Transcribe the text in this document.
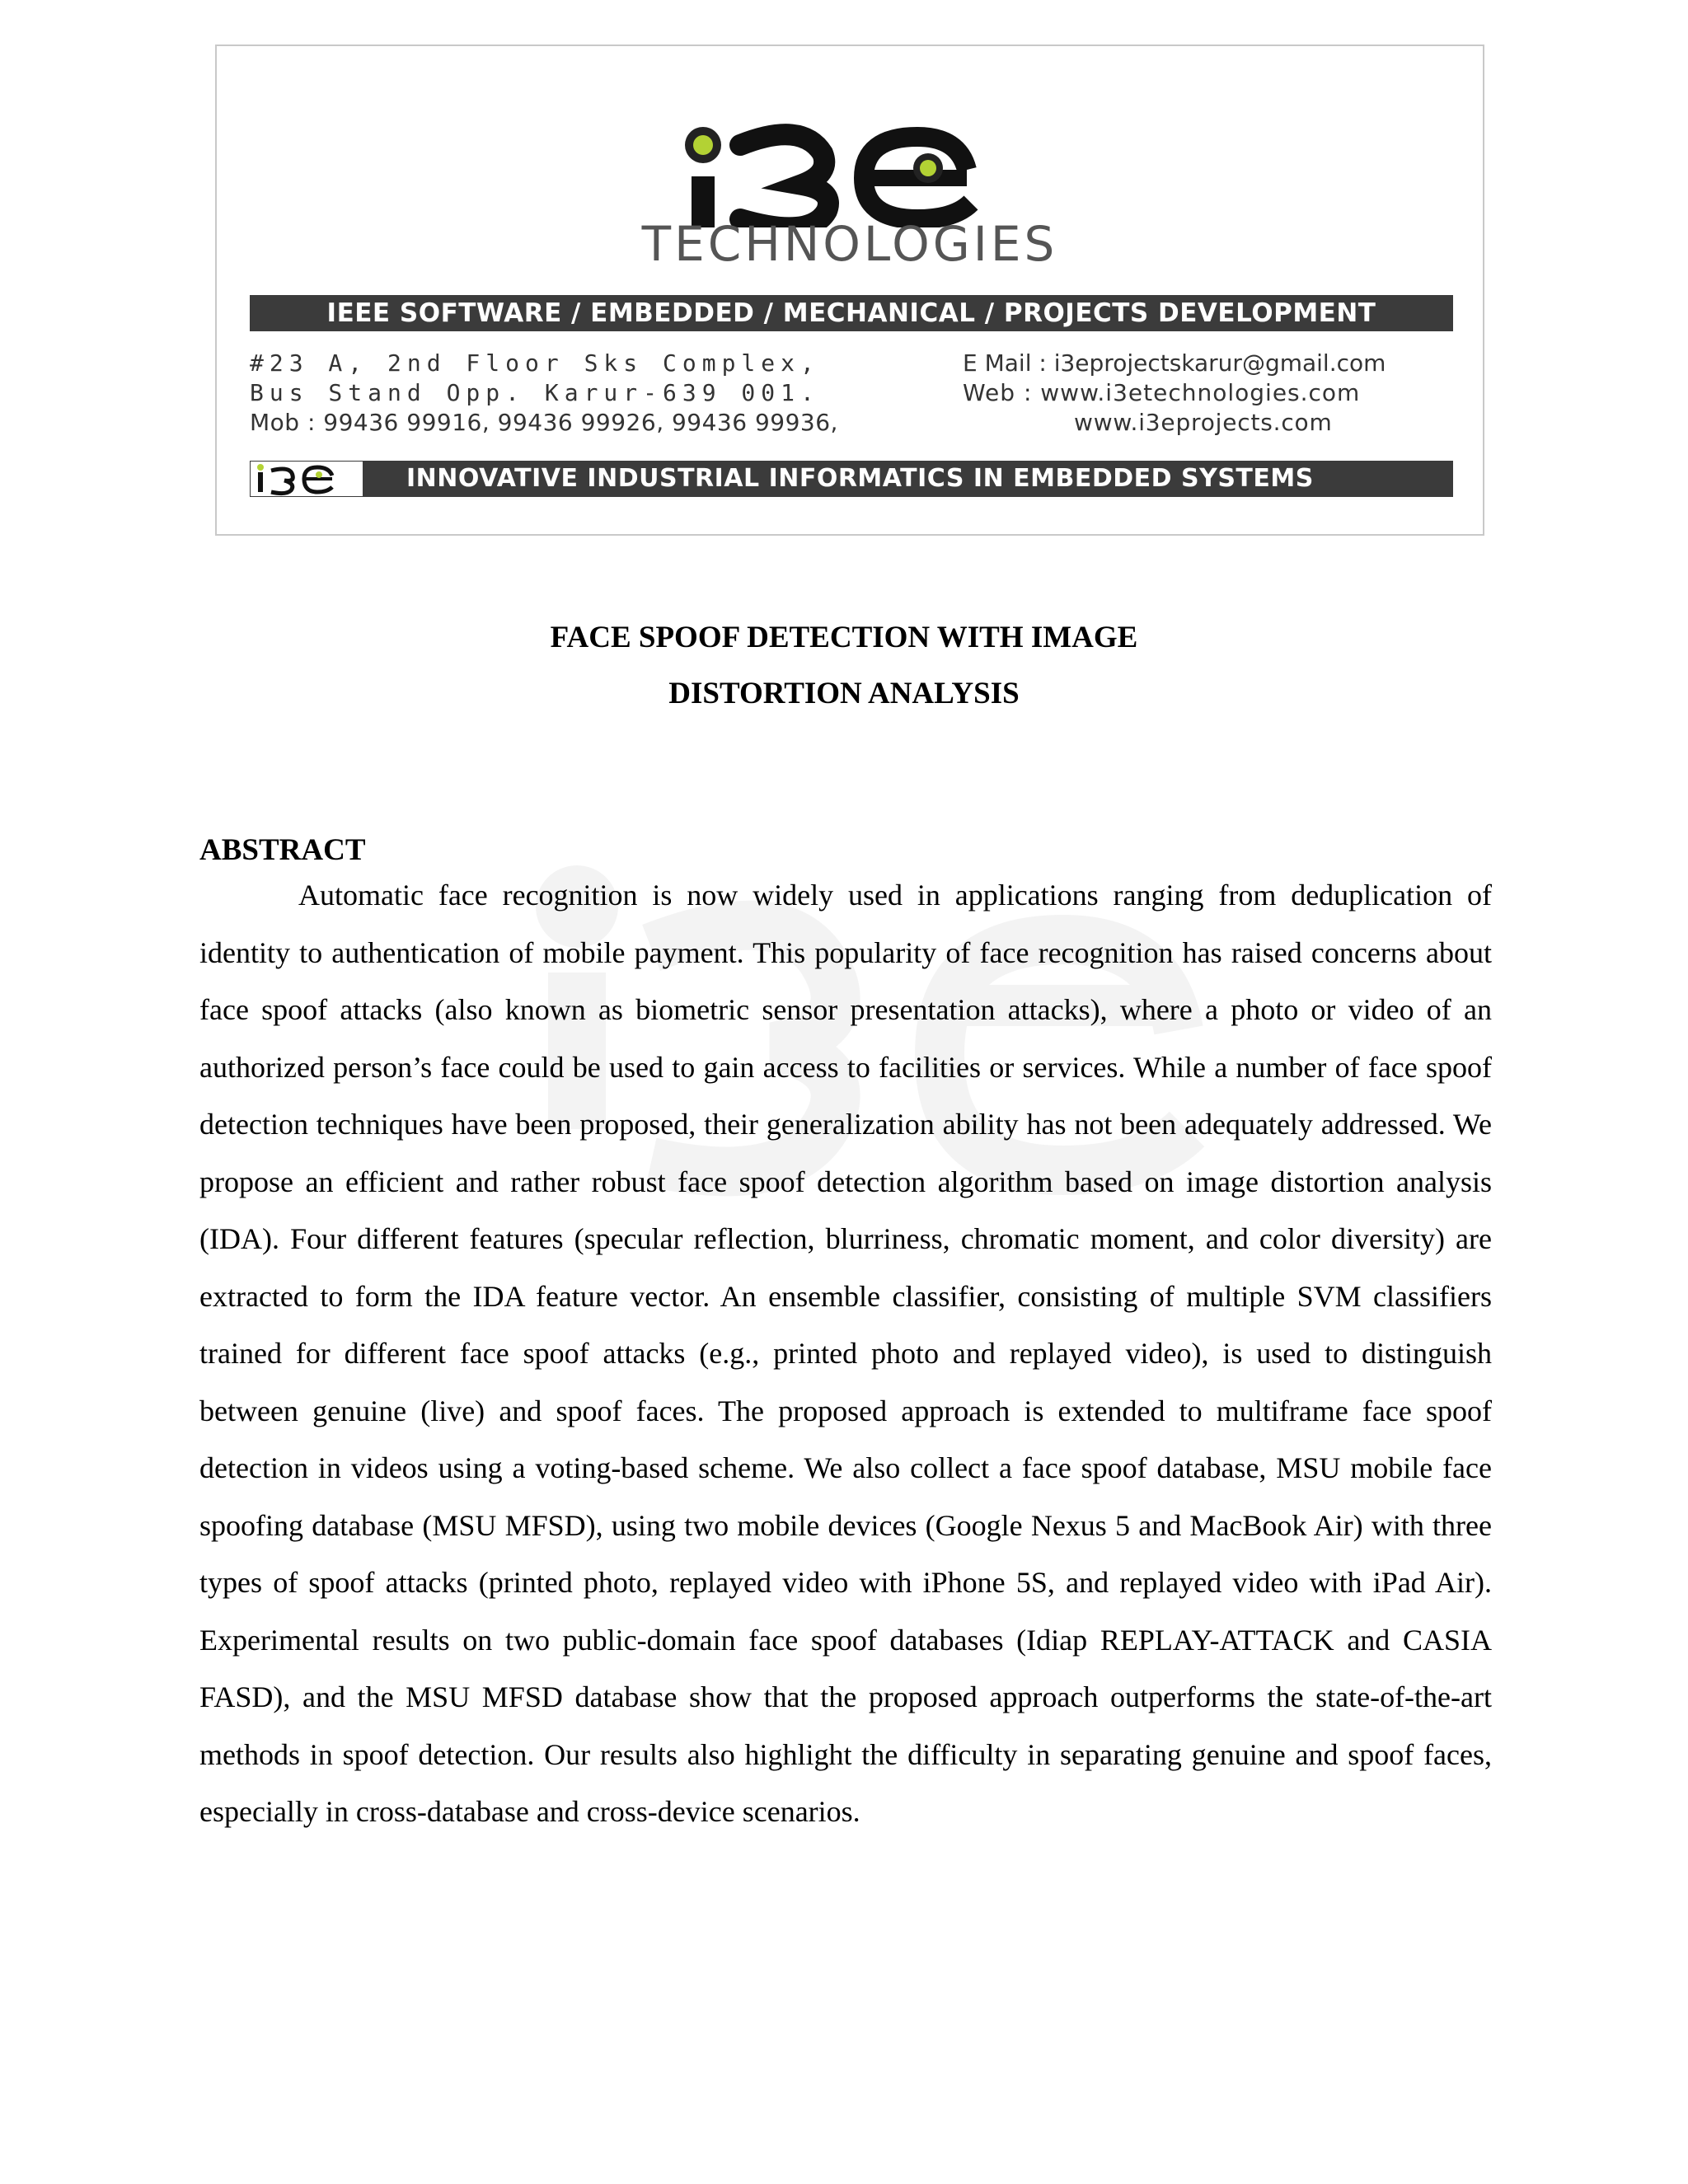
TECHNOLOGIES
IEEE SOFTWARE / EMBEDDED / MECHANICAL / PROJECTS DEVELOPMENT
#23 A, 2nd Floor Sks Complex,
Bus Stand Opp. Karur-639 001.
Mob : 99436 99916, 99436 99926, 99436 99936,
E Mail : i3eprojectskarur@gmail.com
Web : www.i3etechnologies.com
www.i3eprojects.com
INNOVATIVE INDUSTRIAL INFORMATICS IN EMBEDDED SYSTEMS
FACE SPOOF DETECTION WITH IMAGE
DISTORTION ANALYSIS
ABSTRACT

Automatic face recognition is now widely used in applications ranging from deduplication of identity to authentication of mobile payment. This popularity of face recognition has raised concerns about face spoof attacks (also known as biometric sensor presentation attacks), where a photo or video of an authorized person’s face could be used to gain access to facilities or services. While a number of face spoof detection techniques have been proposed, their generalization ability has not been adequately addressed. We propose an efficient and rather robust face spoof detection algorithm based on image distortion analysis (IDA). Four different features (specular reflection, blurriness, chromatic moment, and color diversity) are extracted to form the IDA feature vector. An ensemble classifier, consisting of multiple SVM classifiers trained for different face spoof attacks (e.g., printed photo and replayed video), is used to distinguish between genuine (live) and spoof faces. The proposed approach is extended to multiframe face spoof detection in videos using a voting-based scheme. We also collect a face spoof database, MSU mobile face spoofing database (MSU MFSD), using two mobile devices (Google Nexus 5 and MacBook Air) with three types of spoof attacks (printed photo, replayed video with iPhone 5S, and replayed video with iPad Air). Experimental results on two public-domain face spoof databases (Idiap REPLAY-ATTACK and CASIA FASD), and the MSU MFSD database show that the proposed approach outperforms the state-of-the-art methods in spoof detection. Our results also highlight the difficulty in separating genuine and spoof faces, especially in cross-database and cross-device scenarios.
